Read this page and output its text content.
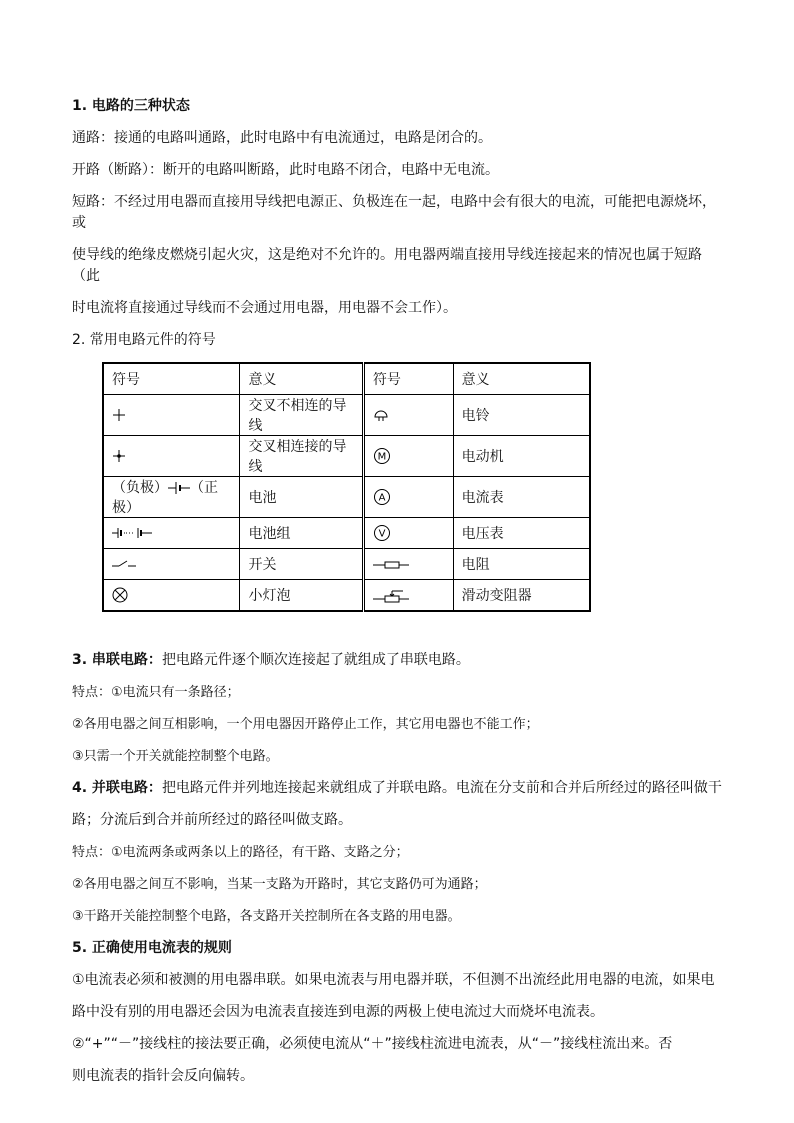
1. 电路的三种状态
通路：接通的电路叫通路，此时电路中有电流通过，电路是闭合的。
开路（断路）：断开的电路叫断路，此时电路不闭合，电路中无电流。
短路：不经过用电器而直接用导线把电源正、负极连在一起，电路中会有很大的电流，可能把电源烧坏，或
使导线的绝缘皮燃烧引起火灾，这是绝对不允许的。用电器两端直接用导线连接起来的情况也属于短路（此
时电流将直接通过导线而不会通过用电器，用电器不会工作）。
2. 常用电路元件的符号
符号	意义	符号	意义
	交叉不相连的导线		电铃
	交叉相连接的导线	M	电动机
（负极） （正极）	电池	A	电流表
	电池组	V	电压表
	开关		电阻
	小灯泡		滑动变阻器
3. 串联电路：把电路元件逐个顺次连接起了就组成了串联电路。
特点：①电流只有一条路径；
②各用电器之间互相影响，一个用电器因开路停止工作，其它用电器也不能工作；
③只需一个开关就能控制整个电路。
4. 并联电路：把电路元件并列地连接起来就组成了并联电路。电流在分支前和合并后所经过的路径叫做干
路；分流后到合并前所经过的路径叫做支路。
特点：①电流两条或两条以上的路径，有干路、支路之分；
②各用电器之间互不影响，当某一支路为开路时，其它支路仍可为通路；
③干路开关能控制整个电路，各支路开关控制所在各支路的用电器。
5. 正确使用电流表的规则
①电流表必须和被测的用电器串联。如果电流表与用电器并联，不但测不出流经此用电器的电流，如果电
路中没有别的用电器还会因为电流表直接连到电源的两极上使电流过大而烧坏电流表。
②“+”“－”接线柱的接法要正确，必须使电流从“＋”接线柱流进电流表，从“－”接线柱流出来。否
则电流表的指针会反向偏转。
